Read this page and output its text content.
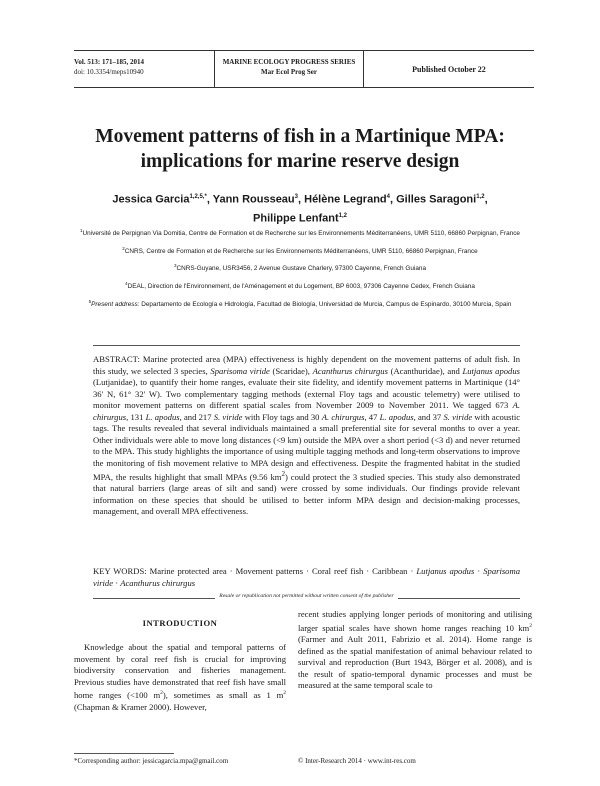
Vol. 513: 171–185, 2014
doi: 10.3354/meps10940
MARINE ECOLOGY PROGRESS SERIES
Mar Ecol Prog Ser	Published October 22
Movement patterns of fish in a Martinique MPA:
implications for marine reserve design
Jessica Garcia$^{1,2,5,*}$, Yann Rousseau$^3$, Hélène Legrand$^4$, Gilles Saragoni$^{1,2}$,
Philippe Lenfant$^{1,2}$

$^1$Université de Perpignan Via Domitia, Centre de Formation et de Recherche sur les Environnements Méditerranéens, UMR 5110, 66860 Perpignan, France

$^2$CNRS, Centre de Formation et de Recherche sur les Environnements Méditerranéens, UMR 5110, 66860 Perpignan, France

$^3$CNRS-Guyane, USR3456, 2 Avenue Gustave Charlery, 97300 Cayenne, French Guiana

$^4$DEAL, Direction de l'Environnement, de l'Aménagement et du Logement, BP 6003, 97306 Cayenne Cedex, French Guiana

$^5$Present address: Departamento de Ecología e Hidrología, Facultad de Biología, Universidad de Murcia, Campus de Espinardo, 30100 Murcia, Spain

ABSTRACT: Marine protected area (MPA) effectiveness is highly dependent on the movement patterns of adult fish. In this study, we selected 3 species, Sparisoma viride (Scaridae), Acanthurus chirurgus (Acanthuridae), and Lutjanus apodus (Lutjanidae), to quantify their home ranges, evaluate their site fidelity, and identify movement patterns in Martinique (14° 36' N, 61° 32' W). Two complementary tagging methods (external Floy tags and acoustic telemetry) were utilised to monitor movement patterns on different spatial scales from November 2009 to November 2011. We tagged 673 A. chirurgus, 131 L. apodus, and 217 S. viride with Floy tags and 30 A. chirurgus, 47 L. apodus, and 37 S. viride with acoustic tags. The results revealed that several individuals maintained a small preferential site for several months to over a year. Other individuals were able to move long distances (<9 km) outside the MPA over a short period (<3 d) and never returned to the MPA. This study highlights the importance of using multiple tagging methods and long-term observations to improve the monitoring of fish movement relative to MPA design and effectiveness. Despite the fragmented habitat in the studied MPA, the results highlight that small MPAs (9.56 $km^2$) could protect the 3 studied species. This study also demonstrated that natural barriers (large areas of silt and sand) were crossed by some individuals. Our findings provide relevant information on these species that should be utilised to better inform MPA design and decision-making processes, management, and overall MPA effectiveness.

KEY WORDS: Marine protected area · Movement patterns · Coral reef fish · Caribbean · Lutjanus apodus · Sparisoma viride · Acanthurus chirurgus
Resale or republication not permitted without written consent of the publisher
INTRODUCTION

Knowledge about the spatial and temporal patterns of movement by coral reef fish is crucial for improving biodiversity conservation and fisheries management. Previous studies have demonstrated that reef fish have small home ranges (<100 $m^2$), sometimes as small as 1 $m^2$ (Chapman & Kramer 2000). However,

recent studies applying longer periods of monitoring and utilising larger spatial scales have shown home ranges reaching 10 $km^2$ (Farmer and Ault 2011, Fabrizio et al. 2014). Home range is defined as the spatial manifestation of animal behaviour related to survival and reproduction (Burt 1943, Börger et al. 2008), and is the result of spatio-temporal dynamic processes and must be measured at the same temporal scale to

*Corresponding author: jessicagarcia.mpa@gmail.com	© Inter-Research 2014 · www.int-res.com
